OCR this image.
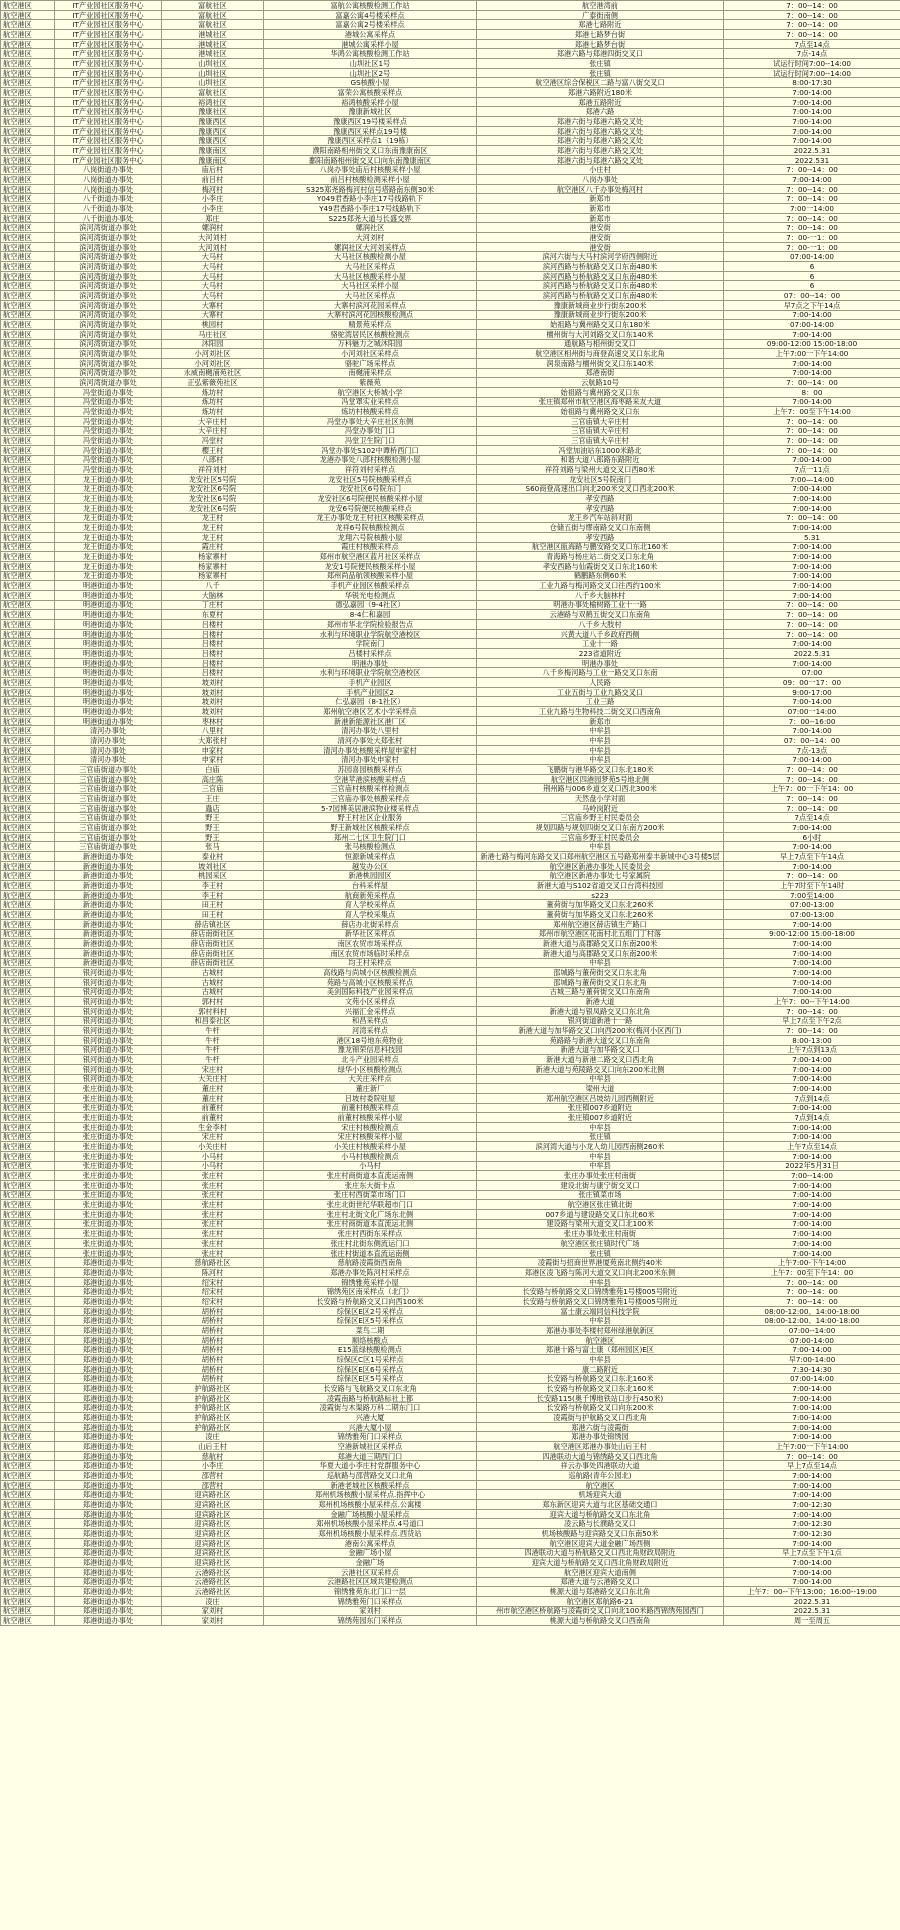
航空港区	IT产业园社区服务中心	富航社区	富航公寓核酸检测工作站	航空港湾前	7：00--14：00
航空港区	IT产业园社区服务中心	富航社区	富嘉公寓4号楼采样点	广泰街南侧	7：00--14：00
航空港区	IT产业园社区服务中心	富航社区	富嘉公寓2号楼采样点	郑港七路附近	7：00--14：00
航空港区	IT产业园社区服务中心	港城社区	港城公寓采样点	郑港七路梦台街	7：00--14：00
航空港区	IT产业园社区服务中心	港城社区	港城公寓采样小屋	郑港七路梦台街	7点至14点
航空港区	IT产业园社区服务中心	港城社区	华鸿公寓核酸检测工作站	郑港六路与郑港四街交叉口	7点-14点
航空港区	IT产业园社区服务中心	山圳社区	山圳社区1号	张庄镇	试运行时间7:00--14:00
航空港区	IT产业园社区服务中心	山圳社区	山圳社区2号	张庄镇	试运行时间7:00--14:00
航空港区	IT产业园社区服务中心	山圳社区	GS核酸小屋	航空港区综合保税区二路与富八街交叉口	8:00-17:30
航空港区	IT产业园社区服务中心	富航社区	富荣公寓核酸采样点	郑港六路附近180米	7:00-14:00
航空港区	IT产业园社区服务中心	裕鸿社区	裕鸿核酸采样小屋	郑港五路附近	7:00-14:00
航空港区	IT产业园社区服务中心	豫康社区	豫康新城社区	郑港六路	7:00-14:00
航空港区	IT产业园社区服务中心	豫康西区	豫康西区19号楼采样点	郑港六街与郑港六路交叉处	7:00-14:00
航空港区	IT产业园社区服务中心	豫康西区	豫康西区采样点19号楼	郑港六街与郑港六路交叉处	7:00-14:00
航空港区	IT产业园社区服务中心	豫康西区	豫康西区采样点1（19栋）	郑港六街与郑港六路交叉处	7:00-14:00
航空港区	IT产业园社区服务中心	豫康南区	濮阳南路相州街交叉口东南豫康南区	郑港六街与郑港六路交叉处	2022.5.31
航空港区	IT产业园社区服务中心	豫康南区	鄱阳南路相州街交叉口向东南豫康南区	郑港六街与郑港六路交叉处	2022.531
航空港区	八岗街道办事处	庙后村	八岗办事处庙后村核酸采样小屋	小庄村	7：00--14：00
航空港区	八岗街道办事处	前吕村	前吕村核酸检测采样小屋	八岗办事处	7:00-14:00
航空港区	八岗街道办事处	梅河村	S325郑尧路梅河村信号塔路南东侧30米	航空港区八千办事处梅河村	7：00--14：00
航空港区	八千街道办事处	小李庄	Y049君香路小李庄17号线路轨下	新郑市	7：00--14：00
航空港区	八千街道办事处	小李庄	Y49君香路小李庄17号线路轨下	新郑市	7:00一14:00
航空港区	八千街道办事处	郑庄	S225郑尧大道与长盛交界	新郑市	7：00--14：00
航空港区	滨河湾街道办事处	嫘润村	嫘润社区	港安街	7：00--14：00
航空港区	滨河湾街道办事处	大河刘村	大河刘村	港安街	7：00-一1：00
航空港区	滨河湾街道办事处	大河刘村	嫘润社区大河刘采样点	港安街	7：00-一1：00
航空港区	滨河湾街道办事处	大马村	大马社区核酸检测小屋	滨河六街与大马村滨河学府西侧附近	07:00-14:00
航空港区	滨河湾街道办事处	大马村	大马社区采样点	滨河西路与桥航路交叉口东南480米	6
航空港区	滨河湾街道办事处	大马村	大马社区核酸采样小屋	滨河西路与桥航路交叉口东南480米	6
航空港区	滨河湾街道办事处	大马村	大马社区采样小屋	滨河西路与桥航路交叉口东南480米	6
航空港区	滨河湾街道办事处	大马村	大马社区采样点	滨河西路与桥航路交叉口东南480米	07：00--14：00
航空港区	滨河湾街道办事处	大寨村	大寨村滨河花园采样点	豫康新城商业步行街东200米	早7点之下午14点
航空港区	滨河湾街道办事处	大寨村	大寨村滨河花园核酸检测点	豫康新城商业步行街东200米	7:00-14:00
航空港区	滨河湾街道办事处	桃园村	精景苑采样点	始祖路与冀州路交叉口东180米	07:00-14:00
航空港区	滨河湾街道办事处	马庄社区	骆驼湾居民区核酸检测点	檀州街与大河刘路交叉口东140米	7:00-14:00
航空港区	滨河湾街道办事处	沐阳园	万科魅力之城沐阳园	通航路与相州街交叉口	09:00-12:00 15:00-18:00
航空港区	滨河湾街道办事处	小河刘社区	小河刘社区采样点	航空港区相州街与商登高速交叉口东北角	上午7:00一下午14:00
航空港区	滨河湾街道办事处	小河刘社区	骆驼广场采样点	润泉南路与檀州街交叉口东140米	7:00-14:00
航空港区	滨河湾街道办事处	永威南樾浦苑社区	南樾浦采样点	郑港南街	7:00-14:00
航空港区	滨河湾街道办事处	正弘紫薇苑社区	紫薇苑	云航路10号	7：00--14：00
航空港区	冯堂街道办事处	炼坊村	航空港区大桥城小学	始祖路与冀州路交叉口东	8：00
航空港区	冯堂街道办事处	炼坊村	冯堂罩实业采样点	张庄镇郑州市航空港区海枣路采友大道	7:00-14:00
航空港区	冯堂街道办事处	炼坊村	炼坊村核酸采样点	始祖路与冀州路交叉口东	上午7：00至下午14:00
航空港区	冯堂街道办事处	大辛庄村	冯堂办事处大辛庄社区东侧	三官庙镇大辛庄村	7：00--14：00
航空港区	冯堂街道办事处	大辛庄村	冯堂办事处门口	三官庙镇大辛庄村	7：00--14：00
航空港区	冯堂街道办事处	冯堂村	冯堂卫生院门口	三官庙镇大辛庄村	7：00--14：00
航空港区	冯堂街道办事处	樱王村	冯堂办事处S102中谭桥西门口	冯堂加油站东1000米路北	7：00--14：00
航空港区	冯堂街道办事处	八郎村	龙港办事处八郎村核酸检测小屋	和谐大道八郎路东路附近	7:00-14:00
航空港区	冯堂街道办事处	祥符刘村	祥符刘村采样点	祥符刘路与梁州大道交叉口西80米	7点一11点
航空港区	龙王街道办事处	龙安社区5号院	龙安社区5号院核酸采样点	龙安社区5号院南门	7:00—14:00
航空港区	龙王街道办事处	龙安社区6号院	龙安社区6号院东门	S60商登高速出口向北200米交叉口西北200米	7:00-14:00
航空港区	龙王街道办事处	龙安社区6号院	龙安社区6号院便民核酸采样小屋	孝安西路	7:00-14:00
航空港区	龙王街道办事处	龙安社区6号院	龙安6号院便民核酸采样点	孝安西路	7:00-14:00
航空港区	龙王街道办事处	龙王村	龙王办事处龙王村社区核酸采样点	龙王乡汽车站斜对面	7：00--14：00
航空港区	龙王街道办事处	龙王村	龙祥6号院核酸检测点	仓储五街与缪南路交叉口东南侧	7:00-14:00
航空港区	龙王街道办事处	龙王村	龙翔六号院核酸小屋	孝安西路	5.31
航空港区	龙王街道办事处	霞庄村	霞庄村核酸采样点	航空港区瓯海路与鹏安路交叉口东北160米	7:00-14:00
航空港区	龙王街道办事处	杨家寨村	郑州市航空港区蓝月社区采样点	青海路与杨庄站二街交叉口东北角	7:00-14:00
航空港区	龙王街道办事处	杨家寨村	龙安1号院便民核酸采样小屋	孝安西路与仙霞街交叉口东北160米	7:00-14:00
航空港区	龙王街道办事处	杨家寨村	郑州尚品航领核酸采样小屋	鹤鹏路东侧60米	7:00-14:00
航空港区	明港街道办事处	八千	手机产业园区核酸采样点	工业九路与梅河路交叉口往西约100米	7:00-14:00
航空港区	明港街道办事处	大脑林	华锐光电检测点	八千乡大脑林村	7:00-14:00
航空港区	明港街道办事处	丁庄村	德弘嘉园（9-4社区）	明港办事处榆树路工业十一路	7：00--14：00
航空港区	明港街道办事处	东夏村	8-4仁和嘉园	云港路与双鹤五街交叉口东南角	7：00--14：00
航空港区	明港街道办事处	吕楼村	郑州市华北学院检验报告点	八千乡大肢村	7：00--14：00
航空港区	明港街道办事处	吕楼村	水利与环境职业学院航空港校区	兴黄大道八千乡政府西侧	7：00--14：00
航空港区	明港街道办事处	吕楼村	学院南门	工业十一路	7:00-14:00
航空港区	明港街道办事处	吕楼村	吕楼村采样点	223省道附近	2022.5.31
航空港区	明港街道办事处	吕楼村	明港办事处	明港办事处	7:00-14:00
航空港区	明港街道办事处	吕楼村	水利与环境职业学院航空港校区	八千乡梅河路与工业一路交叉口东南	07:00
航空港区	明港街道办事处	坡刘村	手机产业园区	人民路	09：00一17：00
航空港区	明港街道办事处	坡刘村	手机产业园区2	工业五街与工业九路交叉口	9:00-17:00
航空港区	明港街道办事处	坡刘村	仁弘嘉园（8-1社区）	工业三路	7:00-14:00
航空港区	明港街道办事处	坡刘村	郑州航空港区艺术小学采样点	工业九路与生物科技二街交叉口西南角	07:00一14:00
航空港区	明港街道办事处	枣林村	新港新能源社区港厂区	新郑市	7：00--16:00
航空港区	清河办事处	八里村	清河办事处八里村	中牟县	7:00-14:00
航空港区	清河办事处	大郑张村	清河办事处大郑张村	中牟县	07：00--14：00
航空港区	清河办事处	申家村	清河办事处核酸采样屋申家村	中牟县	7点-13点
航空港区	清河办事处	申家村	清河办事处申家村	中牟县	7:00-14:00
航空港区	三官庙街道办事处	白庙	苏园喜园核酸采样点	飞鹏街与港华路交叉口东北180米	7：00--14：00
航空港区	三官庙街道办事处	高庄陈	空港苹港滨核酸采样点	航空港区四港园梦苑5号地北侧	7：00--14：00
航空港区	三官庙街道办事处	三官庙	三官庙村核酸采样检测点	荆州路与006乡道交叉口西北300米	上午7：00一下午14：00
航空港区	三官庙街道办事处	王庄	三官庙办事处核酸采样点	天然盘小学对面	7：00--14：00
航空港区	三官庙街道办事处	蟲店	5-7园博美居港滨物业楼采样点	马岭岗附近	7：00--14：00
航空港区	三官庙街道办事处	野王	野王村社区企业服务	三官庙乡野王村民委员会	7点至14点
航空港区	三官庙街道办事处	野王	野王新城社区核酸采样点	规划四路与规划四街交叉口东南方200米	7:00-14:00
航空港区	三官庙街道办事处	野王	郑州二七区卫生院门口	三官庙乡野王村民委员会	6小时
航空港区	三官庙街道办事处	张马	张马核酸检测点	中牟县	7:00-14:00
航空港区	新港街道办事处	泰业村	恒源新城采样点	新港七路与梅河东路交叉口郑州航空港区五号路郑州泰丰新城中心3号楼5层	早上7点至下午14点
航空港区	新港街道办事处	坡刘社区	越发办公区	航空港区新港办事处人民委员会	7:00-14:00
航空港区	新港街道办事处	桃园采区	新港桃园园区	航空港区新港办事处七号家属院	7：00--14：00
航空港区	新港街道办事处	李王村	台科采样屋	新港大道与S102省道交叉口台湾科技园	上午7时至下午14时
航空港区	新港街道办事处	李王村	航商新苑采样点	s223	7:00至14:00
航空港区	新港街道办事处	田王村	育人学校采样点	董荷街与加华路交叉口东北260米	07:00-13:00
航空港区	新港街道办事处	田王村	育人学校采集点	董荷街与加华路交叉口东北260米	07:00-13:00
航空港区	新港街道办事处	薛店镇社区	薛店办北街采样点	郑州航空港区薛店镇生产路口	7:00-14:00
航空港区	新港街道办事处	薛店南街社区	新华社区采样点	郑州市航空港区花南村北五组门丁村落	9:00-12:00 15:00-18:00
航空港区	新港街道办事处	薛店南街社区	南区农贸市场采样点	新港大道与高郡路交叉口东南200米	7:00-14:00
航空港区	新港街道办事处	薛店南街社区	南区农贸市场临时采样点	新港大道与高郡路交叉口东南200米	7:00-14:00
航空港区	新港街道办事处	薛店南街社区	均王村采样点	中牟县	7:00-14:00
航空港区	银河街道办事处	古城村	高线路与尚城小区核酸检测点	邵城路与董荷街交叉口东北角	7:00-14:00
航空港区	银河街道办事处	古城村	苑路与高城小区核酸采样点	邵城路与董荷街交叉口东北角	7:00-14:00
航空港区	银河街道办事处	古城村	美剑国际科技产业园采样点	古城三路与董荷街交叉口东南角	7:00-14:00
航空港区	银河街道办事处	郭村村	文苑小区采样点	新港大道	上午7：00--下午14:00
航空港区	银河街道办事处	郭村料村	兴福汇金采样点	新港大道与银凤路交叉口东北角	7：00--14：00
航空港区	银河街道办事处	和昌泰社区	和昌采样点	银河街道新港十一路	早上7点至下午2点
航空港区	银河街道办事处	牛杆	河湾采样点	新港大道与加华路交叉口向西200米(梅河小区西门)	7：00--14：00
航空港区	银河街道办事处	牛杆	港区18号地东苑物业	苑路路与新港大道交叉口东南角	8:00-13:00
航空港区	银河街道办事处	牛杆	豫龙锦荣信息科技园	新港大道与加华路交叉口	上午7点到13点
航空港区	银河街道办事处	牛杆	北斗产业园采样点	新港大道与新港二路交叉口西北角	7:00-14:00
航空港区	银河街道办事处	宋庄村	绿华小区核酸检测点	新港大道与苑陵路交叉口向东200米北侧	7:00-14:00
航空港区	银河街道办事处	大关庄村	大关庄采样点	中牟县	7:00-14:00
航空港区	张庄街道办事处	董庄村	董庄新厂	梁州大道	7:00-14:00
航空港区	张庄街道办事处	董庄村	吕坡村委院驻屋	郑州航空港区吕坡幼儿园西侧附近	7点到14点
航空港区	张庄街道办事处	前董村	前董村核酸采样点	张庄镇007乡道附近	7:00-14:00
航空港区	张庄街道办事处	前董村	前董村核酸采样小屋	张庄镇007乡道附近	7点到14点
航空港区	张庄街道办事处	生金李村	宋庄村核酸检测点	中牟县	7:00-14:00
航空港区	张庄街道办事处	宋庄村	宋庄村核酸采样小屋	张庄镇	7:00-14:00
航空港区	张庄街道办事处	小关庄村	小关庄村核酸采样小屋	滨河湾大道与小龙人幼儿园西南侧260米	上午7点至14点
航空港区	张庄街道办事处	小马村	小马村核酸检测点	中牟县	7:00-14:00
航空港区	张庄街道办事处	小马村	小马村	中牟县	2022年5月31日
航空港区	张庄街道办事处	张庄村	张庄村商街道本直流运南侧	张庄办事处张庄村南街	7:00--14:00
航空港区	张庄街道办事处	张庄村	张庄东大街卡点	建设北街与康宁街交叉口	7:00-14:00
航空港区	张庄街道办事处	张庄村	张庄村西街菜市场门口	张庄镇菜市场	7:00-14:00
航空港区	张庄街道办事处	张庄村	张庄北街世纪华联超市门口	航空港区张庄镇北街	7:00-14:00
航空港区	张庄街道办事处	张庄村	张庄村北街文化广场东北侧	007乡道与建设路交叉口东北60米	7:00-14:00
航空港区	张庄街道办事处	张庄村	张庄村商街道本直流运北侧	建设路与梁州大道交叉口北100米	7:00-14:00
航空港区	张庄街道办事处	张庄村	张庄村西街东采样点	张庄办事处张庄村南街	7:00-14:00
航空港区	张庄街道办事处	张庄村	张庄村北街东侧流运门口	航空港区张庄镇时代广场	7:00-14:00
航空港区	张庄街道办事处	张庄村	张庄村街道本直流运南侧	张庄镇	7:00-14:00
航空港区	郑港街道办事处	慈航路社区	慈航路凌霞街西南角	凌霞街与招商世界港厦苑南北侧约40米	上午7:00-下午14:00
航空港区	郑港街道办事处	陈河村	郑港办事处陈河村采样点	郑港区凌飞路与陈河大道交叉口向北200米东侧	上午7：00至下午14：00
航空港区	郑港街道办事处	绍宋村	锦绣雅苑采样小屋	中牟县	7：00--14：00
航空港区	郑港街道办事处	绍宋村	锦绣苑区南采样点（北门）	长安路与桥航路交叉口锦绣雅苑1号楼005号附近	7：00--14：00
航空港区	郑港街道办事处	绍宋村	长安路与桥航路交叉口向西100米	长安路与桥航路交叉口锦绣雅苑1号楼005号附近	7：00--14：00
航空港区	郑港街道办事处	胡桥村	综保区E区2号采样点	富士康云端同信科技学院	08:00-12:00、14:00-18:00
航空港区	郑港街道办事处	胡桥村	综保区E区5号采样点	中牟县	08:00-12:00、14:00-18:00
航空港区	郑港街道办事处	胡桥村	菜鸟二期	郑港办事处李楼村郑州绿港航新区	07:00--14:00
航空港区	郑港街道办事处	胡桥村	顺络核酸点	航空港区	07:00-14:00
航空港区	郑港街道办事处	胡桥村	E15蓝绿核酸检测点	郑港十路与富士康（郑州园区)E区	7:00-14:00
航空港区	郑港街道办事处	胡桥村	综保区C区1号采样点	中牟县	早7:00-14:00
航空港区	郑港街道办事处	胡桥村	综保区E区6号采样点	康二路附近	7:30-14:30
航空港区	郑港街道办事处	胡桥村	综保区E区5号采样点	长安路与桥航路交叉口东北160米	07:00-14:00
航空港区	郑港街道办事处	护航路社区	长安路与飞航路交叉口东北角	长安路与桥航路交叉口东北160米	7:00-14:00
航空港区	郑港街道办事处	护航路社区	凌霞南路与桥航路标社上都	长安路115(奥千博地铁站口步行450米)	7:00-14:00
航空港区	郑港街道办事处	护航路社区	凌霞街与木渠路万科二期东门口	长安路与桥航路交叉口向东200米	7:00-14:00
航空港区	郑港街道办事处	护航路社区	兴港大厦	凌霞街与护航路交叉口西北角	7:00-14:00
航空港区	郑港街道办事处	护航路社区	兴港大厦小屋	郑港六街与凌霞街	7:00-14:00
航空港区	郑港街道办事处	凌庄	锦绣雅苑门口采样点	郑港办事处锦绣园	7:00-14:00
航空港区	郑港街道办事处	山后王村	空港新城社区采样点	航空港区郑港办事处山后王村	上午7:00一下午14:00
航空港区	郑港街道办事处	慈航村	郑港大道三期西门口	四港联动大道与锦绣路交叉口西北角	7：00--14：00
航空港区	郑港街道办事处	小李庄	华夏大道小李庄村党群服务中心	祥云办事处四港联动大道	早上7点至14点
航空港区	郑港街道办事处	邵营村	巡航路与邵营路交叉口北角	巡航路(青年公园北)	7:00-14:00
航空港区	郑港街道办事处	邵营村	新港老城社区核酸采样点	航空港区	7:00-14:00
航空港区	郑港街道办事处	迎宾路社区	郑州机场核酸小屋采样点.指挥中心	机场迎宾大道	7:00-14:00
航空港区	郑港街道办事处	迎宾路社区	郑州机场核酸小屋采样点.公寓楼	郑东新区迎宾大道与北区基础交通口	7:00-12:30
航空港区	郑港街道办事处	迎宾路社区	金融广场核酸小屋采样点	迎宾大道与桥航路交叉口东北角	7:00-14:00
航空港区	郑港街道办事处	迎宾路社区	郑州机场核酸小屋采样点.4号道口	凌云路与长濮路交叉口	7:00-12:30
航空港区	郑港街道办事处	迎宾路社区	郑州机场核酸小屋采样点.西货站	机场核酸路与迎宾路交叉口东南50米	7:00-12:30
航空港区	郑港街道办事处	迎宾路社区	港南公寓采样点	航空港区迎宾大道金融广场西侧	7:00-14:00
航空港区	郑港街道办事处	迎宾路社区	金融广场小屋	四港联动大道与桥航路交叉口西北角财政局附近	早上7点至下午1点
航空港区	郑港街道办事处	迎宾路社区	金融广场	迎宾大道与桥航路交叉口西北角财政局附近	7:00-14:00
航空港区	郑港街道办事处	云港路社区	云港社区双采样点	航空港区迎宾大道南侧	7:00-14:00
航空港区	郑港街道办事处	云港路社区	云港路社区区域共建检测点	郑港大道与云港路交叉口	7:00-14:00
航空港区	郑港街道办事处	云港路社区	锦绣雅苑东北门口一层	桃源大道与郑港路交叉口东北角	上午7：00--下午13:00；16:00--19:00
航空港区	郑港街道办事处	凌庄	锦绣雅苑门口采样点	航空港区郑航路6-21	2022.5.31
航空港区	郑港街道办事处	家刘村	家刘村	州市航空港区桥航路与凌霞街交叉口向北100米路西锦绣苑园西门	2022.5.31
航空港区	郑港街道办事处	家刘村	锦绣苑园东门采样点	桃源大道与桥航路交叉口西南角	周一至周五
